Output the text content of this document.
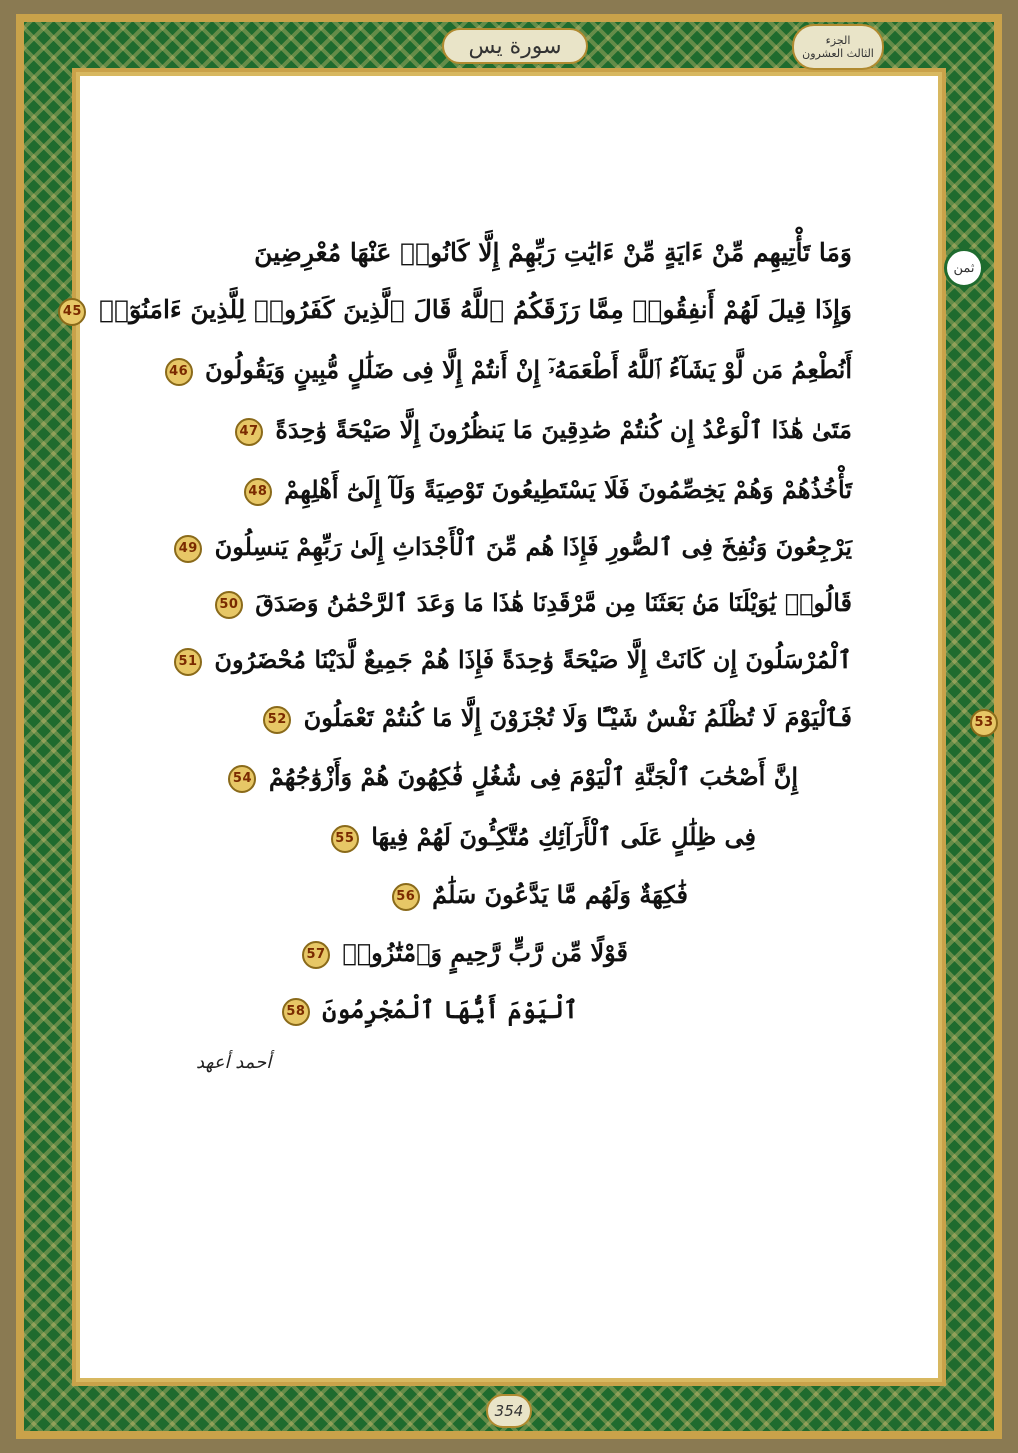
سورة يس	الجزء
الثالث العشرون
ثمن
وَمَا تَأْتِيهِم مِّنْ ءَايَةٍ مِّنْ ءَايَٰتِ رَبِّهِمْ إِلَّا كَانُوا۟ عَنْهَا مُعْرِضِينَ
وَإِذَا قِيلَ لَهُمْ أَنفِقُوا۟ مِمَّا رَزَقَكُمُ ٱللَّهُ قَالَ ٱلَّذِينَ كَفَرُوا۟ لِلَّذِينَ ءَامَنُوٓا۟ 45
أَنُطْعِمُ مَن لَّوْ يَشَآءُ ٱللَّهُ أَطْعَمَهُۥٓ إِنْ أَنتُمْ إِلَّا فِى ضَلَٰلٍ مُّبِينٍ وَيَقُولُونَ 46
مَتَىٰ هَٰذَا ٱلْوَعْدُ إِن كُنتُمْ صَٰدِقِينَ مَا يَنظُرُونَ إِلَّا صَيْحَةً وَٰحِدَةً 47
تَأْخُذُهُمْ وَهُمْ يَخِصِّمُونَ فَلَا يَسْتَطِيعُونَ تَوْصِيَةً وَلَآ إِلَىٰٓ أَهْلِهِمْ 48
يَرْجِعُونَ وَنُفِخَ فِى ٱلصُّورِ فَإِذَا هُم مِّنَ ٱلْأَجْدَاثِ إِلَىٰ رَبِّهِمْ يَنسِلُونَ 49
قَالُوا۟ يَٰوَيْلَنَا مَنۢ بَعَثَنَا مِن مَّرْقَدِنَا هَٰذَا مَا وَعَدَ ٱلرَّحْمَٰنُ وَصَدَقَ 50
ٱلْمُرْسَلُونَ إِن كَانَتْ إِلَّا صَيْحَةً وَٰحِدَةً فَإِذَا هُمْ جَمِيعٌ لَّدَيْنَا مُحْضَرُونَ 51
فَٱلْيَوْمَ لَا تُظْلَمُ نَفْسٌ شَيْـًٔا وَلَا تُجْزَوْنَ إِلَّا مَا كُنتُمْ تَعْمَلُونَ 52	53
إِنَّ أَصْحَٰبَ ٱلْجَنَّةِ ٱلْيَوْمَ فِى شُغُلٍ فَٰكِهُونَ هُمْ وَأَزْوَٰجُهُمْ 54
فِى ظِلَٰلٍ عَلَى ٱلْأَرَآئِكِ مُتَّكِـُٔونَ لَهُمْ فِيهَا 55
فَٰكِهَةٌ وَلَهُم مَّا يَدَّعُونَ سَلَٰمٌ 56
قَوْلًا مِّن رَّبٍّ رَّحِيمٍ وَٱمْتَٰزُوا۟ 57
ٱلْيَوْمَ أَيُّهَا ٱلْمُجْرِمُونَ 58
أحمد أعهد
354
